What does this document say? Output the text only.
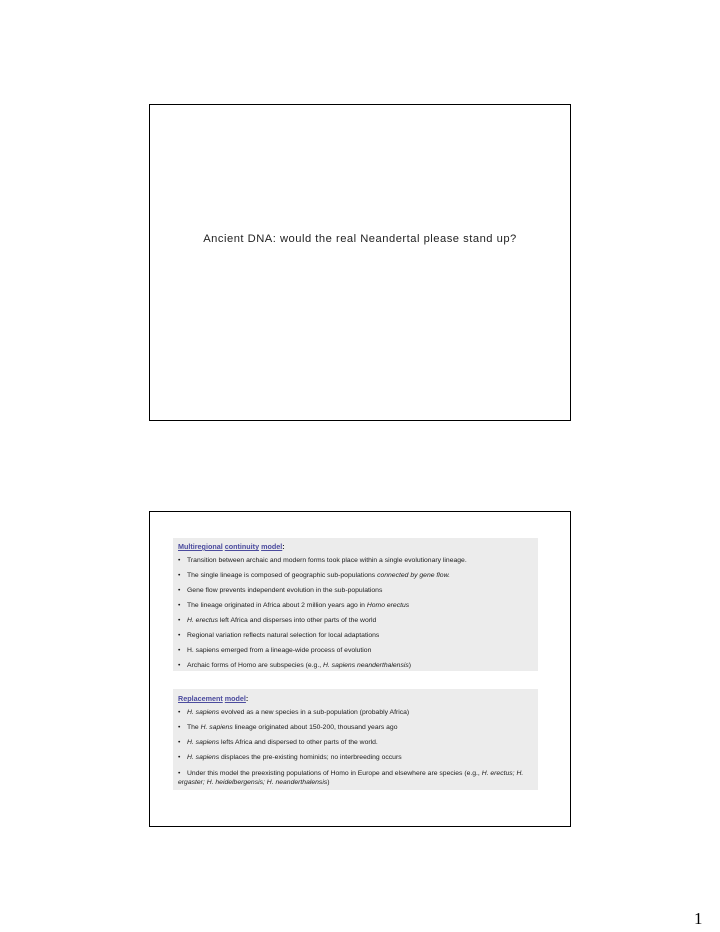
Ancient DNA: would the real Neandertal please stand up?
Multiregional continuity model:
• Transition between archaic and modern forms took place within a single evolutionary lineage.
• The single lineage is composed of geographic sub-populations connected by gene flow.
• Gene flow prevents independent evolution in the sub-populations
• The lineage originated in Africa about 2 million years ago in Homo erectus
• H. erectus left Africa and disperses into other parts of the world
• Regional variation reflects natural selection for local adaptations
• H. sapiens emerged from a lineage-wide process of evolution
• Archaic forms of Homo are subspecies (e.g., H. sapiens neanderthalensis)
Replacement model:
• H. sapiens evolved as a new species in a sub-population (probably Africa)
• The H. sapiens lineage originated about 150-200, thousand years ago
• H. sapiens lefts Africa and dispersed to other parts of the world.
• H. sapiens displaces the pre-existing hominids; no interbreeding occurs
• Under this model the preexisting populations of Homo in Europe and elsewhere are species (e.g., H. erectus; H. ergaster; H. heidelbergensis; H. neanderthalensis)
1
